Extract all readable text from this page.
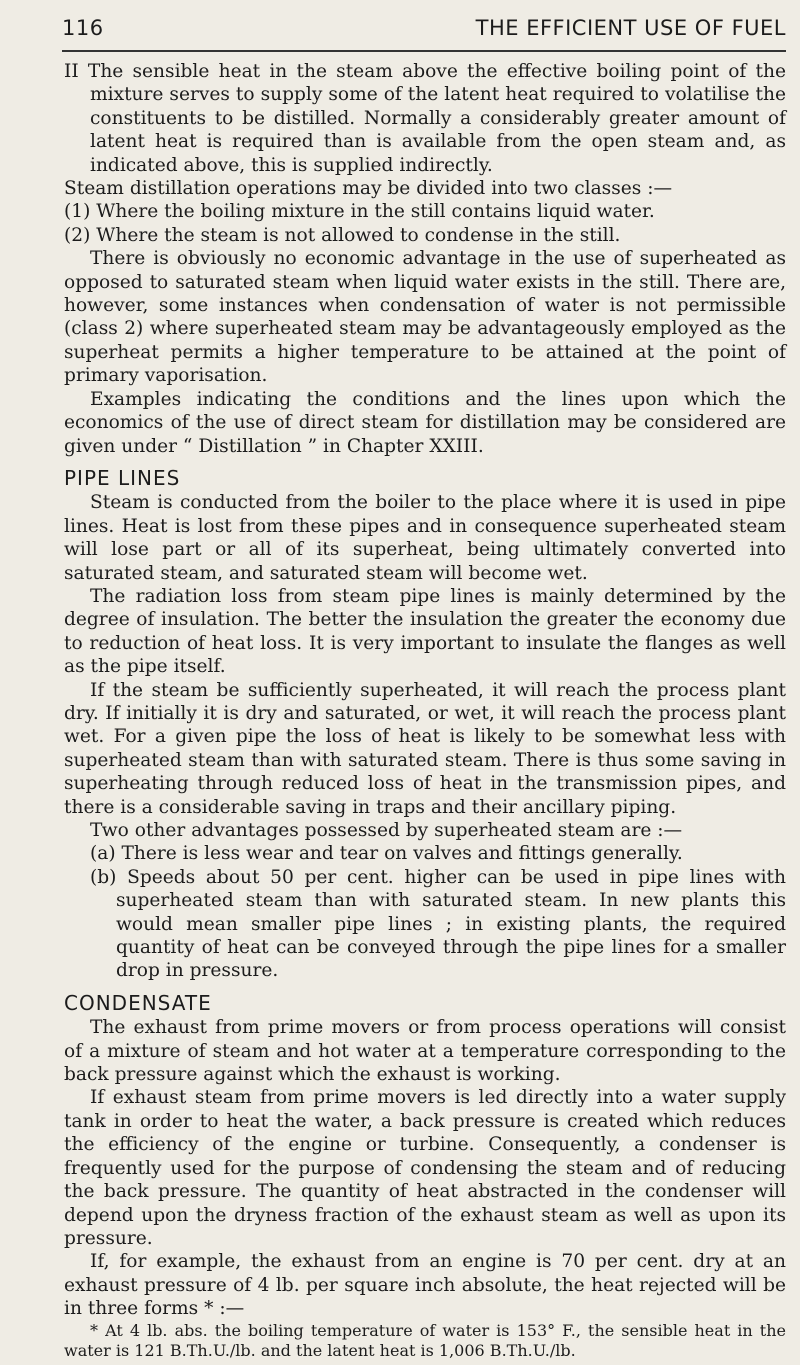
116	THE EFFICIENT USE OF FUEL

II The sensible heat in the steam above the effective boiling point of the mixture serves to supply some of the latent heat required to volatilise the constituents to be distilled. Normally a considerably greater amount of latent heat is required than is available from the open steam and, as indicated above, this is supplied indirectly.

Steam distillation operations may be divided into two classes :—

(1) Where the boiling mixture in the still contains liquid water.

(2) Where the steam is not allowed to condense in the still.

There is obviously no economic advantage in the use of superheated as opposed to saturated steam when liquid water exists in the still. There are, however, some instances when condensation of water is not permissible (class 2) where superheated steam may be advantageously employed as the superheat permits a higher temperature to be attained at the point of primary vaporisation.

Examples indicating the conditions and the lines upon which the economics of the use of direct steam for distillation may be considered are given under “ Distillation ” in Chapter XXIII.

PIPE LINES

Steam is conducted from the boiler to the place where it is used in pipe lines. Heat is lost from these pipes and in consequence superheated steam will lose part or all of its superheat, being ultimately converted into saturated steam, and saturated steam will become wet.

The radiation loss from steam pipe lines is mainly determined by the degree of insulation. The better the insulation the greater the economy due to reduction of heat loss. It is very important to insulate the flanges as well as the pipe itself.

If the steam be sufficiently superheated, it will reach the process plant dry. If initially it is dry and saturated, or wet, it will reach the process plant wet. For a given pipe the loss of heat is likely to be somewhat less with superheated steam than with saturated steam. There is thus some saving in superheating through reduced loss of heat in the transmission pipes, and there is a considerable saving in traps and their ancillary piping.

Two other advantages possessed by superheated steam are :—

(a) There is less wear and tear on valves and fittings generally.

(b) Speeds about 50 per cent. higher can be used in pipe lines with superheated steam than with saturated steam. In new plants this would mean smaller pipe lines ; in existing plants, the required quantity of heat can be conveyed through the pipe lines for a smaller drop in pressure.

CONDENSATE

The exhaust from prime movers or from process operations will consist of a mixture of steam and hot water at a temperature corresponding to the back pressure against which the exhaust is working.

If exhaust steam from prime movers is led directly into a water supply tank in order to heat the water, a back pressure is created which reduces the efficiency of the engine or turbine. Consequently, a condenser is frequently used for the purpose of condensing the steam and of reducing the back pressure. The quantity of heat abstracted in the condenser will depend upon the dryness fraction of the exhaust steam as well as upon its pressure.

If, for example, the exhaust from an engine is 70 per cent. dry at an exhaust pressure of 4 lb. per square inch absolute, the heat rejected will be in three forms * :—

* At 4 lb. abs. the boiling temperature of water is 153° F., the sensible heat in the water is 121 B.Th.U./lb. and the latent heat is 1,006 B.Th.U./lb.
